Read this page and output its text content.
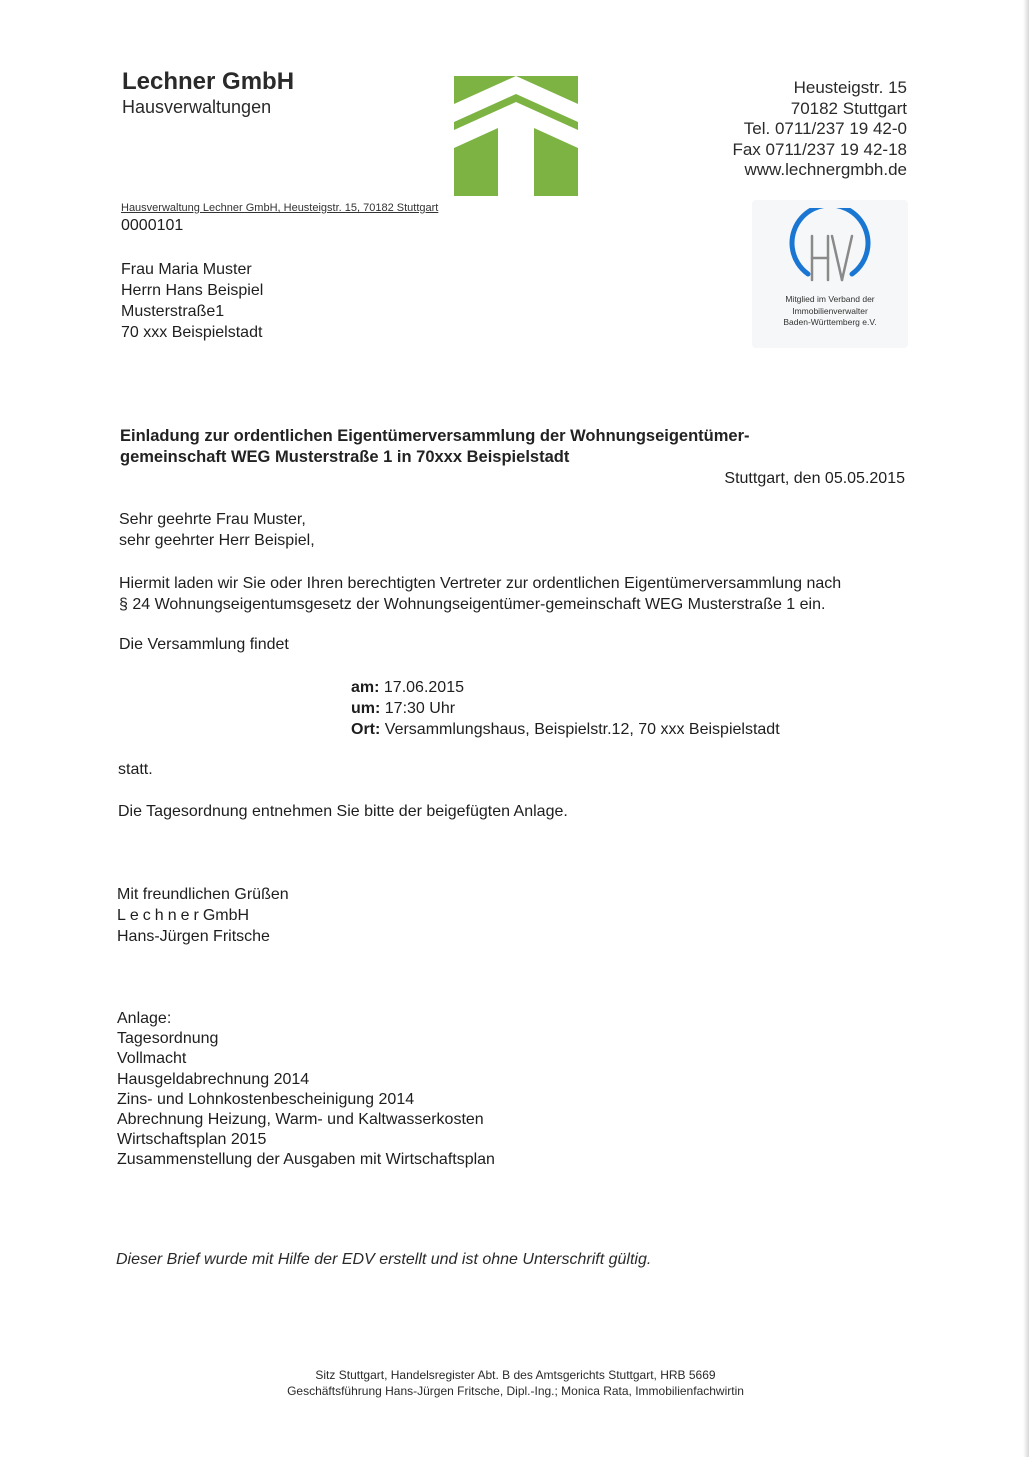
Lechner GmbH
Hausverwaltungen
Heusteigstr. 15
70182 Stuttgart
Tel. 0711/237 19 42-0
Fax 0711/237 19 42-18
www.lechnergmbh.de
Hausverwaltung Lechner GmbH, Heusteigstr. 15, 70182 Stuttgart
0000101
Frau Maria Muster
Herrn Hans Beispiel
Musterstraße1
70 xxx Beispielstadt
Mitglied im Verband der
Immobilienverwalter
Baden-Württemberg e.V.
Einladung zur ordentlichen Eigentümerversammlung der Wohnungseigentümer-
gemeinschaft WEG Musterstraße 1 in 70xxx Beispielstadt
Stuttgart, den 05.05.2015
Sehr geehrte Frau Muster,
sehr geehrter Herr Beispiel,
Hiermit laden wir Sie oder Ihren berechtigten Vertreter zur ordentlichen Eigentümerversammlung nach
§ 24 Wohnungseigentumsgesetz der Wohnungseigentümer-gemeinschaft WEG Musterstraße 1 ein.
Die Versammlung findet
am: 17.06.2015
um: 17:30 Uhr
Ort: Versammlungshaus, Beispielstr.12, 70 xxx Beispielstadt
statt.
Die Tagesordnung entnehmen Sie bitte der beigefügten Anlage.
Mit freundlichen Grüßen
LechnerGmbH
Hans-Jürgen Fritsche
Anlage:
Tagesordnung
Vollmacht
Hausgeldabrechnung 2014
Zins- und Lohnkostenbescheinigung 2014
Abrechnung Heizung, Warm- und Kaltwasserkosten
Wirtschaftsplan 2015
Zusammenstellung der Ausgaben mit Wirtschaftsplan
Dieser Brief wurde mit Hilfe der EDV erstellt und ist ohne Unterschrift gültig.
Sitz Stuttgart, Handelsregister Abt. B des Amtsgerichts Stuttgart, HRB 5669
Geschäftsführung Hans-Jürgen Fritsche, Dipl.-Ing.; Monica Rata, Immobilienfachwirtin
